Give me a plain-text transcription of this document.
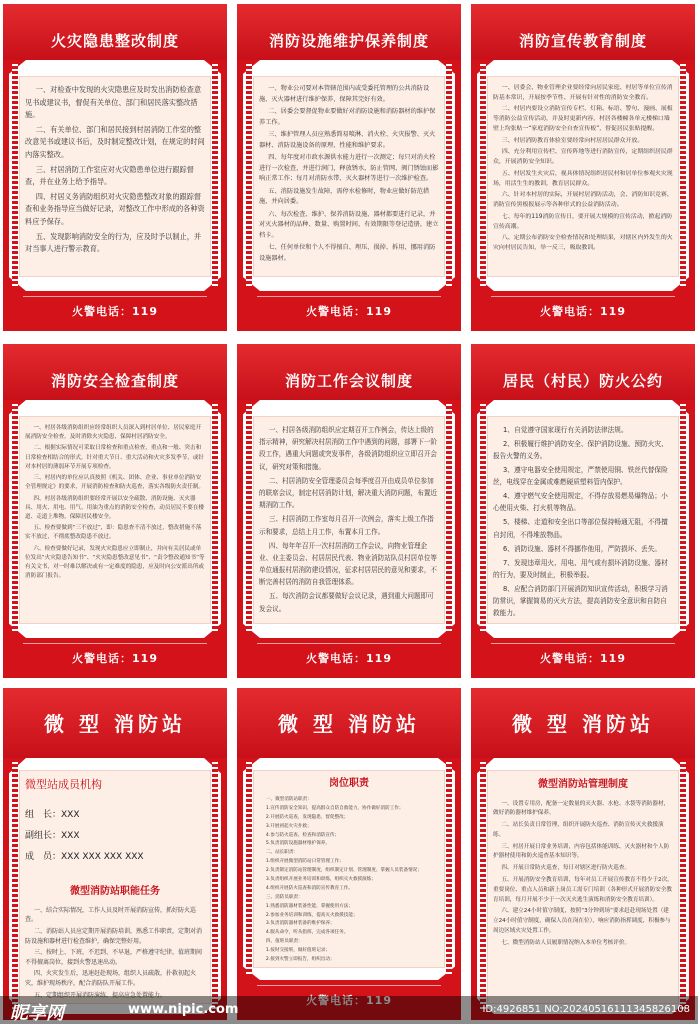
火灾隐患整改制度

一、对检查中发现的火灾隐患应及时发出消防检查意见书或建议书，督促有关单位、部门和居民落实整改措施。

二、有关单位、部门和居民接到村居消防工作室的整改意见书或建议书后，及时制定整改计划，在规定的时间内落实整改。

三、村居消防工作室应对火灾隐患单位进行跟踪督查，并在业务上给予指导。

四、村居义务消防组织对火灾隐患整改对象的跟踪督查和业务指导应当做好记录，对整改工作中形成的各种资料应予保存。

五、发现影响消防安全的行为，应及时予以制止，并对当事人进行警示教育。

火警电话：119
消防设施维护保养制度

一、物业公司要对本管辖范围内或受委托管理的公共消防设施、灭火器材进行维护保养，保障其完好有效。

二、居委会要督促物业要做好对消防设施和消防器材的维护保养工作。

三、维护管理人员应熟悉简易喷淋、消火栓、火灾报警、灭火器材、消防设施设备的原理、性能和维护要求。

四、每年度对市政水源供水能力进行一次测定；每只对消火栓进行一次检查，并进行润门，释放锈水，防止管网、阀门锈蚀而影响正常工作；每月对消防水带、灭火器材等进行一次维护检查。

五、消防设施发生故障，需停水检修时，物业应做好防范措施，并向居委。

六、每次检查、维护、保养消防设施、器材都要进行记录，并对灭火器材的品种、数量、购置时间、有效期限等登记造册，建立档卡。

七、任何单位和个人不得擅自、埋压、损掉、拆用、挪用消防设施器材。

火警电话：119
消防宣传教育制度

一、居委会、物业管理企业要经常向居民家庭、村居等单位宣传消防基本常识，开展按季节性、开展有针对性的消防安全教育。

二、村居内要设立消防宣传专栏、灯箱、标语、警句、漫画、展板等消防公益宣传活动，并及时更新内容，村居各楼幢各单元楼梯口墙壁上均张贴一“家庭消防安全自查宣传板”，督促居民张贴提醒。

三、村居消防教育体验室要经常向村居居民群众开放。

四、充分利用宣传栏、宣传阵地等进行消防宣传，定期组织居民群众，开展消防安全知识。

五、村居发生火灾后，视具体情况组织居民村和居单位参观火灾现场，用活生生的教训，教育居民群众。

六、针对本村居的实际，开展村居消防活动，会、消防知识竞赛、消防宣传黑板报展示等各种形式的公益消防活动。

七、每年的119消防宣传日，要开展大规模的宣传活动，掀起消防宣传高潮。

八、定期公布消防安全检查情况和处理结果，对辖区内外发生的火灾向村居民告知，举一反三，吸取教训。

火警电话：119
消防安全检查制度

一、村居各级消防组织应经常组织人员深入到村居单位、居民家庭开展消防安全检查，及时消除火灾隐患，保障村居消防安全。

二、根据实际情况可采取日常检查和重点检查，重点和一般、突击和日常检查相结合的形式，针对重大节日、重大活动和火灾多发季节，或针对本村居的薄弱环节开展专项检查。

三、村居内的单位应认真按照《机关、团体、企业、事业单位消防安全管理规定》的要求，开展消防检查和防火巡查，落实各级防火责任制。

四、村居各级消防组织要经常开展以安全疏散、消防设施、灭火器具、用火、用电、用气、用油为重点的消防安全检查，动员居民不要在楼道、走道上堆物，保障居民楼安全。

五、检查要做到“三不放过”，即：隐患查不清不放过，整改措施不落实不放过，不彻底整改隐患不放过。

六、检查要做好记录，发现火灾隐患应立即制止，并向有关居民或单位发出“火灾隐患告知书”、“火灾隐患整改意见书”、“责令整改通知书”等有关文书，对一时难以解决或有一定难度的隐患，应及时向公安派出所或消防部门报告。

火警电话：119
消防工作会议制度

一、村居各级消防组织应定期召开工作例会，传达上级的指示精神，研究解决村居消防工作中遇到的问题，部署下一阶段工作，遇重大问题或突发事件，各级消防组织应立即召开会议，研究对策和措施。

二、村居消防安全管理委员会每季度召开由成员单位参加的联席会议，制定村居消防计划，解决重大消防问题，布置近期消防工作。

三、村居消防工作室每月召开一次例会，落实上级工作指示和要求，总结上月工作，布置本月工作。

四、每年年召开一次村居消防工作会议，向物业管理企业、业主委员会、村居居民代表、物业消防站队员村居单位等单位通报村居消防建设情况，征求村居居民的意见和要求，不断完善村居的消防自我管理体系。

五、每次消防会议都要做好会议记录，遇到重大问题即可发会议。

火警电话：119
居民（村民）防火公约

1、自觉遵守国家现行有关消防法律法规。

2、积极履行维护消防安全、保护消防设施、预防火灾、报告火警的义务。

3、遵守电器安全使用规定，严禁使用铜、铁丝代替保险丝，电线穿在金属或难燃硬质塑料管内保护。

4、遵守燃气安全使用规定，不得存放易燃易爆物品；小心使用火柴、打火机等物品。

5、楼梯、走道和安全出口等部位保持畅通无阻，不得擅自封闭，不得堆放物品。

6、消防设施、器材不得挪作他用，严防损坏、丢失。

7、发现违章用火、用电、用气或有损坏消防设施、器材的行为，要及时制止，积极举报。

8、应配合消防部门开展消防知识宣传活动，积极学习消防常识，掌握简易的灭火方法，提高消防安全意识和自防自救能力。

火警电话：119
微 型 消防站
微型站成员机构
组　长：XXX
副组长：XXX
成　员：XXX XXX XXX XXX
微型消防站职能任务

一、结合实际情况，工作人员及时开展消防宣传，抓好防火巡查。

二、消防站人员应定期开展消防培训，熟悉工作职责，定期对消防设施和器材进行检查维护，确保完整好用。

三、按时上、下班，不迟到、不早退，严格遵守纪律，值班期间不得擅离岗位，接到火警迅速出动。

四、火灾发生后，迅速赶赴现场，组织人员疏散，扑救初起火灾，维护现场秩序，配合消防队开展工作。

五、定期组织开展消防演练，提高应急处置能力。

微 型 消防站
岗位职责

一、微型消防站职责：

1.宣传消防安全知识，提高群众自防自救能力，协作做好消防工作；

2.开展防火巡查，发现隐患，督促整改；

3.开展初起火灾扑救；

4.参与防火巡查、检查和消防宣传；

5.负责消防设施器材维护保养。

二、站长职责：

1.组织开展微型消防站日常管理工作；

2.负责制定消防站管理制度、组织制定计划、管理制度、掌握人员装备情况；

3.负责组织开展业务培训和训练，组织灭火救援演练；

4.组织开展防火巡查和消防宣传教育工作。

三、消防员职责：

1.熟悉消防器材装备性能，掌握使用方法；

2.参加业务培训和训练，提高灭火救援技能；

3.负责消防器材装备的维护保养；

4.服从命令，听从指挥，完成各项任务。

四、值班员职责：

1.按时交接班，做好值班记录；

2.接到火警立即报告，组织出动；

火警电话：119
微 型 消防站
微型消防站管理制度

一、设置专用房，配备一定数量的灭火器、水枪、水袋等消防器材，做好消防器材维护保养。

二、站长负责日常管理，组织开展防火巡查、消防宣传灭火救援演练。

三、村居开展日常业务培训，内容包括体能训练、灭火器材和个人防护器材使用和防火巡查基本知识等。

四、开展日常防火巡查，每日对辖区进行防火巡查。

五、开展消防安全教育培训，每年对员工开展宣传教育不得少于2次，重要岗位、重点人员和新上岗员工需专门培训（各种形式开展消防安全教育培训，每月开展不少于一次灭火逃生演练和消防安全教育培训）。

六、建立24小时值守制度，按照“3分钟到场”要求赶赴现场处置（建立24小时值守制度，确保人员在岗在位），响应消防指挥调度，积极参与周边区域火灾处置工作。

七、微型消防站人员履职情况纳入本单位考核评价。

昵享网	www.nipic.com	ID:4926851 NO:20240516111345826108
